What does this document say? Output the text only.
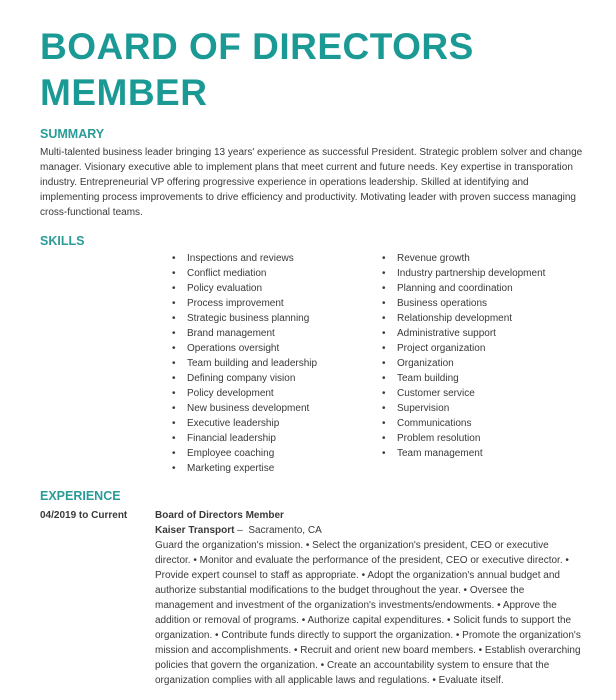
BOARD OF DIRECTORS
MEMBER
SUMMARY
Multi-talented business leader bringing 13 years' experience as successful President. Strategic problem solver and change manager. Visionary executive able to implement plans that meet current and future needs. Key expertise in transporation industry. Entrepreneurial VP offering progressive experience in operations leadership. Skilled at identifying and implementing process improvements to drive efficiency and productivity. Motivating leader with proven success managing cross-functional teams.
SKILLS
• Inspections and reviews
• Conflict mediation
• Policy evaluation
• Process improvement
• Strategic business planning
• Brand management
• Operations oversight
• Team building and leadership
• Defining company vision
• Policy development
• New business development
• Executive leadership
• Financial leadership
• Employee coaching
• Marketing expertise
• Revenue growth
• Industry partnership development
• Planning and coordination
• Business operations
• Relationship development
• Administrative support
• Project organization
• Organization
• Team building
• Customer service
• Supervision
• Communications
• Problem resolution
• Team management
EXPERIENCE
04/2019 to Current	Board of Directors Member
Kaiser Transport – Sacramento, CA
Guard the organization's mission. • Select the organization's president, CEO or executive director. • Monitor and evaluate the performance of the president, CEO or executive director. • Provide expert counsel to staff as appropriate. • Adopt the organization's annual budget and authorize substantial modifications to the budget throughout the year. • Oversee the management and investment of the organization's investments/endowments. • Approve the addition or removal of programs. • Authorize capital expenditures. • Solicit funds to support the organization. • Contribute funds directly to support the organization. • Promote the organization's mission and accomplishments. • Recruit and orient new board members. • Establish overarching policies that govern the organization. • Create an accountability system to ensure that the organization complies with all applicable laws and regulations. • Evaluate itself.
